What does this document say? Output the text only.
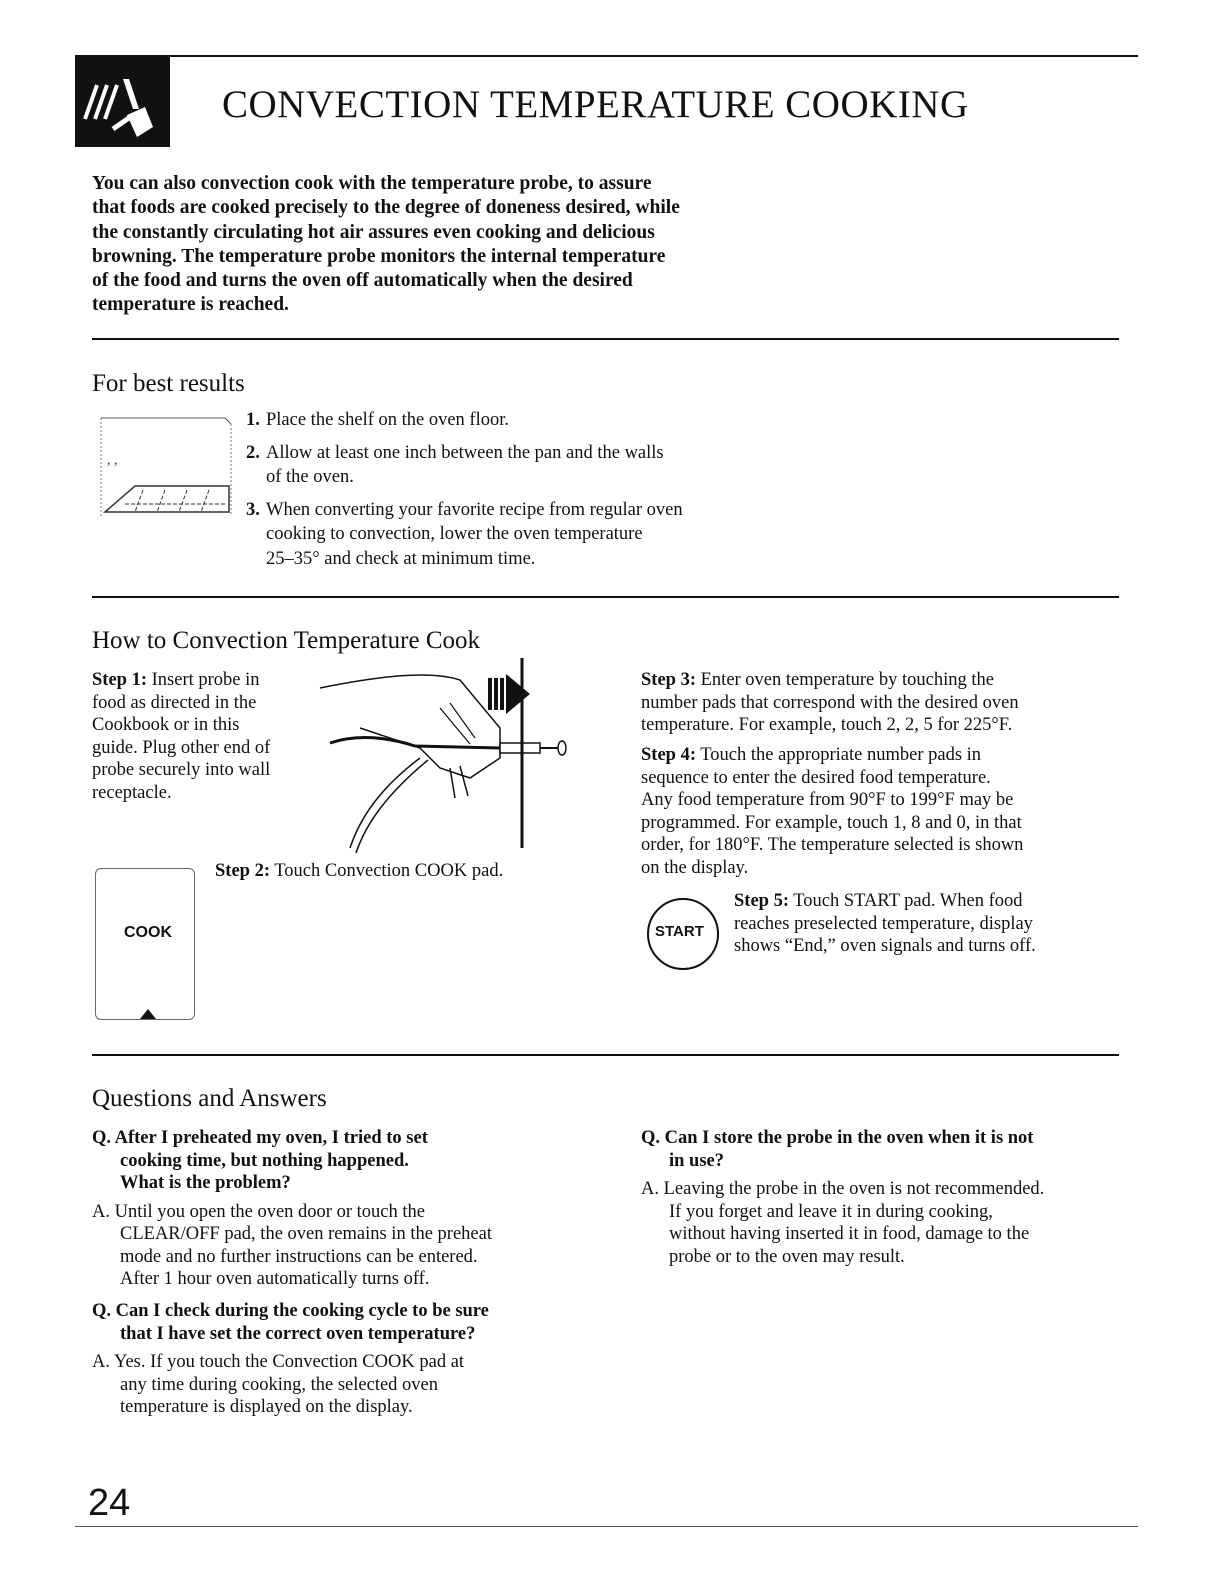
CONVECTION TEMPERATURE COOKING

You can also convection cook with the temperature probe, to assure

that foods are cooked precisely to the degree of doneness desired, while

the constantly circulating hot air assures even cooking and delicious

browning. The temperature probe monitors the internal temperature

of the food and turns the oven off automatically when the desired

temperature is reached.

For best results
, ,
1. Place the shelf on the oven floor.
2. Allow at least one inch between the pan and the walls
of the oven.
3. When converting your favorite recipe from regular oven
cooking to convection, lower the oven temperature
25–35° and check at minimum time.
How to Convection Temperature Cook
Step 1: Insert probe in
food as directed in the
Cookbook or in this
guide. Plug other end of
probe securely into wall
receptacle.
COOK
Step 2: Touch Convection COOK pad.
Step 3: Enter oven temperature by touching the
number pads that correspond with the desired oven
temperature. For example, touch 2, 2, 5 for 225°F.
Step 4: Touch the appropriate number pads in
sequence to enter the desired food temperature.
Any food temperature from 90°F to 199°F may be
programmed. For example, touch 1, 8 and 0, in that
order, for 180°F. The temperature selected is shown
on the display.
START
Step 5: Touch START pad. When food
reaches preselected temperature, display
shows “End,” oven signals and turns off.
Questions and Answers
Q. After I preheated my oven, I tried to set
cooking time, but nothing happened.
What is the problem?
A. Until you open the oven door or touch the
CLEAR/OFF pad, the oven remains in the preheat
mode and no further instructions can be entered.
After 1 hour oven automatically turns off.
Q. Can I check during the cooking cycle to be sure
that I have set the correct oven temperature?
A. Yes. If you touch the Convection COOK pad at
any time during cooking, the selected oven
temperature is displayed on the display.
Q. Can I store the probe in the oven when it is not
in use?
A. Leaving the probe in the oven is not recommended.
If you forget and leave it in during cooking,
without having inserted it in food, damage to the
probe or to the oven may result.
24
